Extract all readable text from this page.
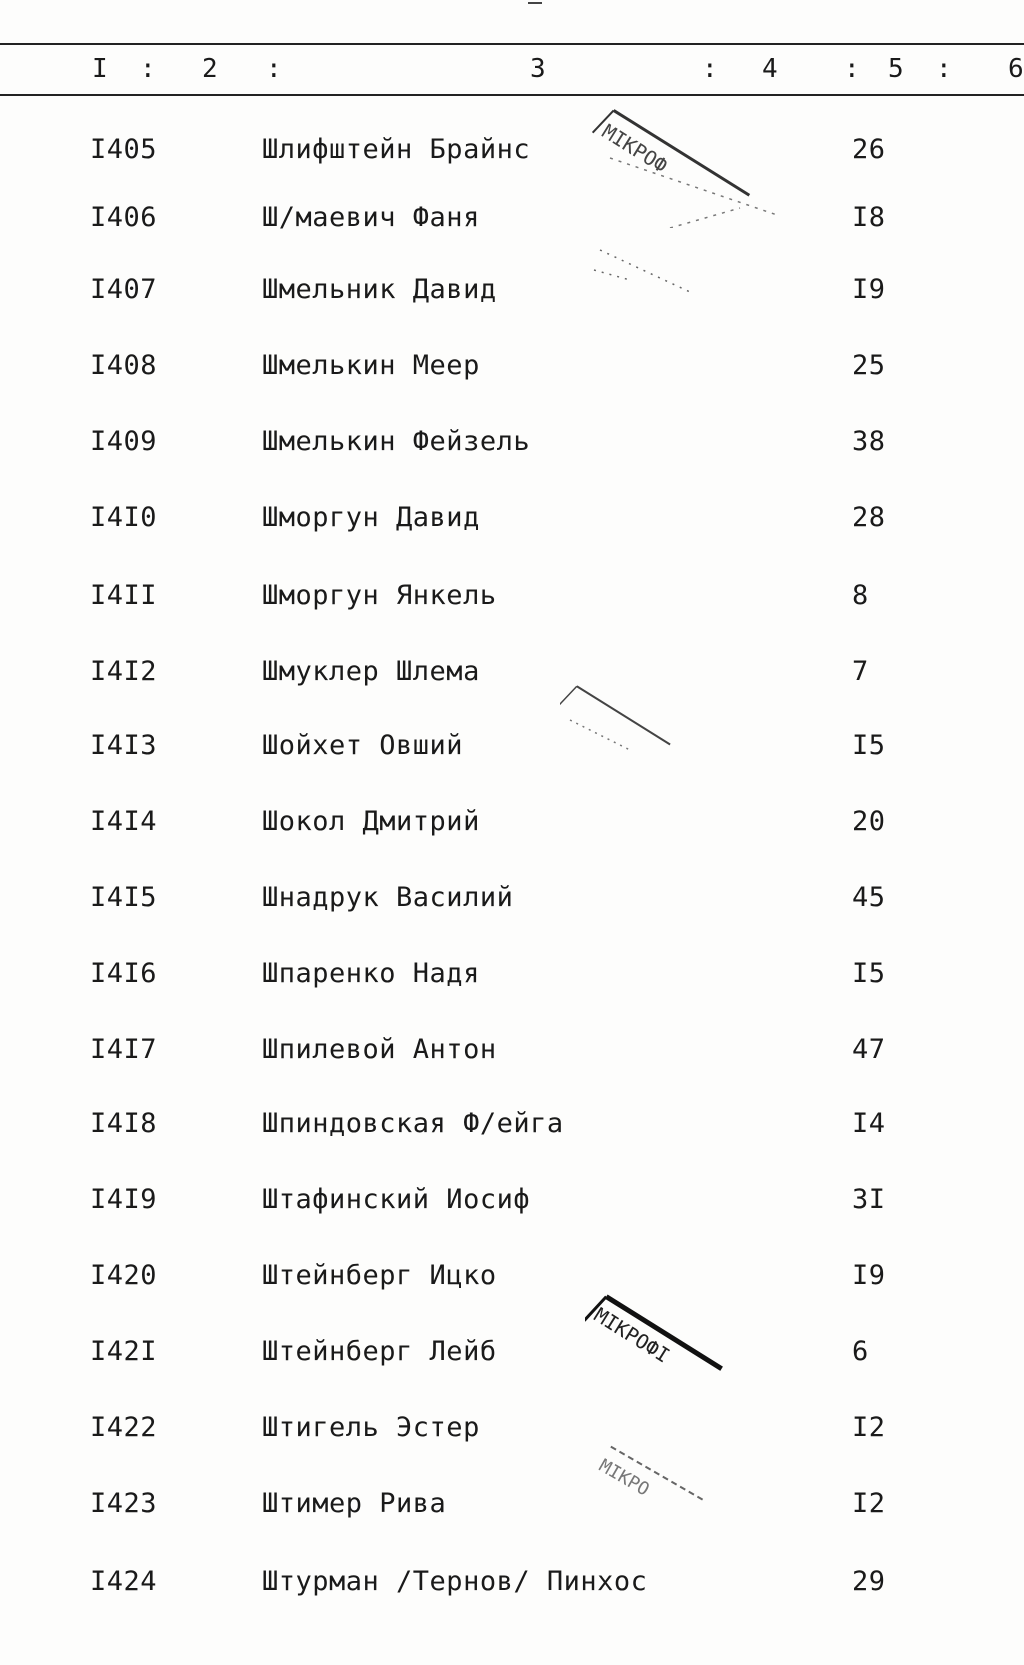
I : 2 :	3	: 4	: 5 : 6
I405	Шлифштейн Брайнс	26
I406	Ш/маевич Фаня	I8
I407	Шмельник Давид	I9
I408	Шмелькин Меер	25
I409	Шмелькин Фейзель	38
I4I0	Шморгун Давид	28
I4II	Шморгун Янкель	8
I4I2	Шмуклер Шлема	7
I4I3	Шойхет Овший	I5
I4I4	Шокол Дмитрий	20
I4I5	Шнадрук Василий	45
I4I6	Шпаренко Надя	I5
I4I7	Шпилевой Антон	47
I4I8	Шпиндовская Ф/ейга	I4
I4I9	Штафинский Иосиф	3I
I420	Штейнберг Ицко	I9
I42I	Штейнберг Лейб	6
I422	Штигель Эстер	I2
I423	Штимер Рива	I2
I424	Штурман /Тернов/ Пинхос	29
MIKPOФ
MIKPOФI
MIKPO
